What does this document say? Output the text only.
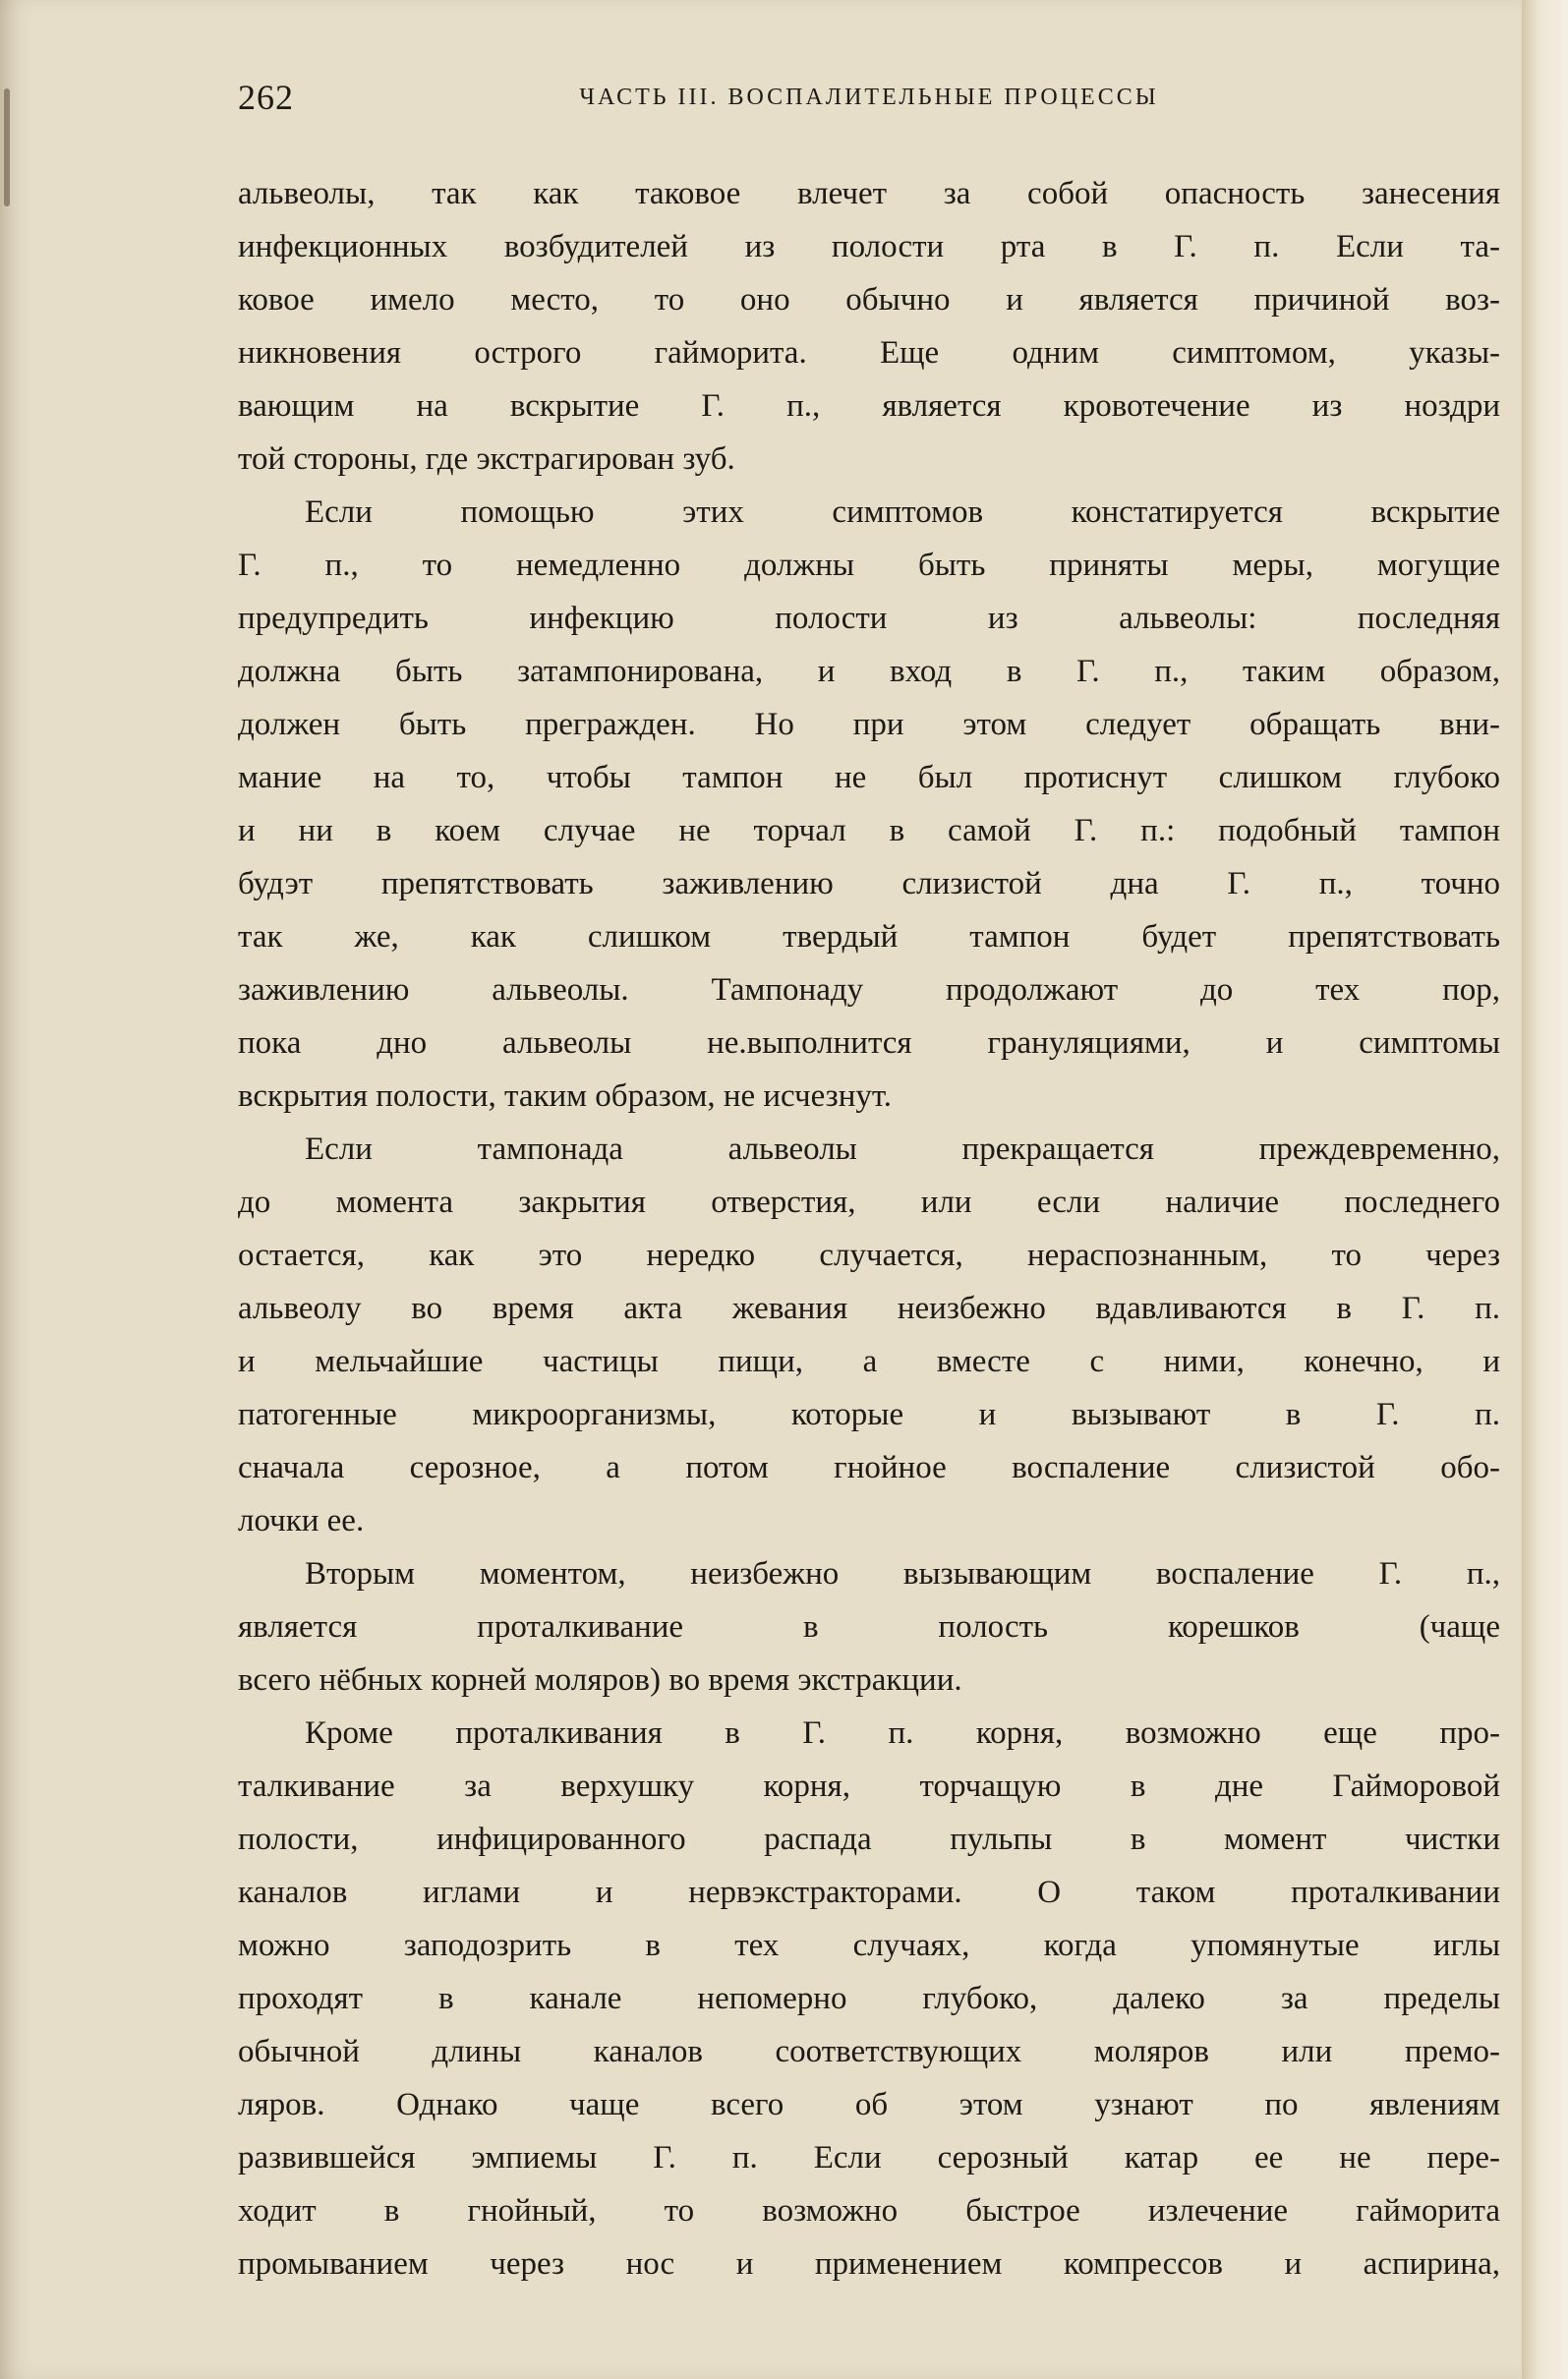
262	ЧАСТЬ III. ВОСПАЛИТЕЛЬНЫЕ ПРОЦЕССЫ
альвеолы, так как таковое влечет за собой опасность занесения
инфекционных возбудителей из полости рта в Г. п. Если та-
ковое имело место, то оно обычно и является причиной воз-
никновения острого гайморита. Еще одним симптомом, указы-
вающим на вскрытие Г. п., является кровотечение из ноздри
той стороны, где экстрагирован зуб.
Если помощью этих симптомов констатируется вскрытие
Г. п., то немедленно должны быть приняты меры, могущие
предупредить инфекцию полости из альвеолы: последняя
должна быть затампонирована, и вход в Г. п., таким образом,
должен быть прегражден. Но при этом следует обращать вни-
мание на то, чтобы тампон не был протиснут слишком глубоко
и ни в коем случае не торчал в самой Г. п.: подобный тампон
будэт препятствовать заживлению слизистой дна Г. п., точно
так же, как слишком твердый тампон будет препятствовать
заживлению альвеолы. Тампонаду продолжают до тех пор,
пока дно альвеолы не.выполнится грануляциями, и симптомы
вскрытия полости, таким образом, не исчезнут.
Если тампонада альвеолы прекращается преждевременно,
до момента закрытия отверстия, или если наличие последнего
остается, как это нередко случается, нераспознанным, то через
альвеолу во время акта жевания неизбежно вдавливаются в Г. п.
и мельчайшие частицы пищи, а вместе с ними, конечно, и
патогенные микроорганизмы, которые и вызывают в Г. п.
сначала серозное, а потом гнойное воспаление слизистой обо-
лочки ее.
Вторым моментом, неизбежно вызывающим воспаление Г. п.,
является проталкивание в полость корешков (чаще
всего нёбных корней моляров) во время экстракции.
Кроме проталкивания в Г. п. корня, возможно еще про-
талкивание за верхушку корня, торчащую в дне Гайморовой
полости, инфицированного распада пульпы в момент чистки
каналов иглами и нервэкстракторами. О таком проталкивании
можно заподозрить в тех случаях, когда упомянутые иглы
проходят в канале непомерно глубоко, далеко за пределы
обычной длины каналов соответствующих моляров или премо-
ляров. Однако чаще всего об этом узнают по явлениям
развившейся эмпиемы Г. п. Если серозный катар ее не пере-
ходит в гнойный, то возможно быстрое излечение гайморита
промыванием через нос и применением компрессов и аспирина,
